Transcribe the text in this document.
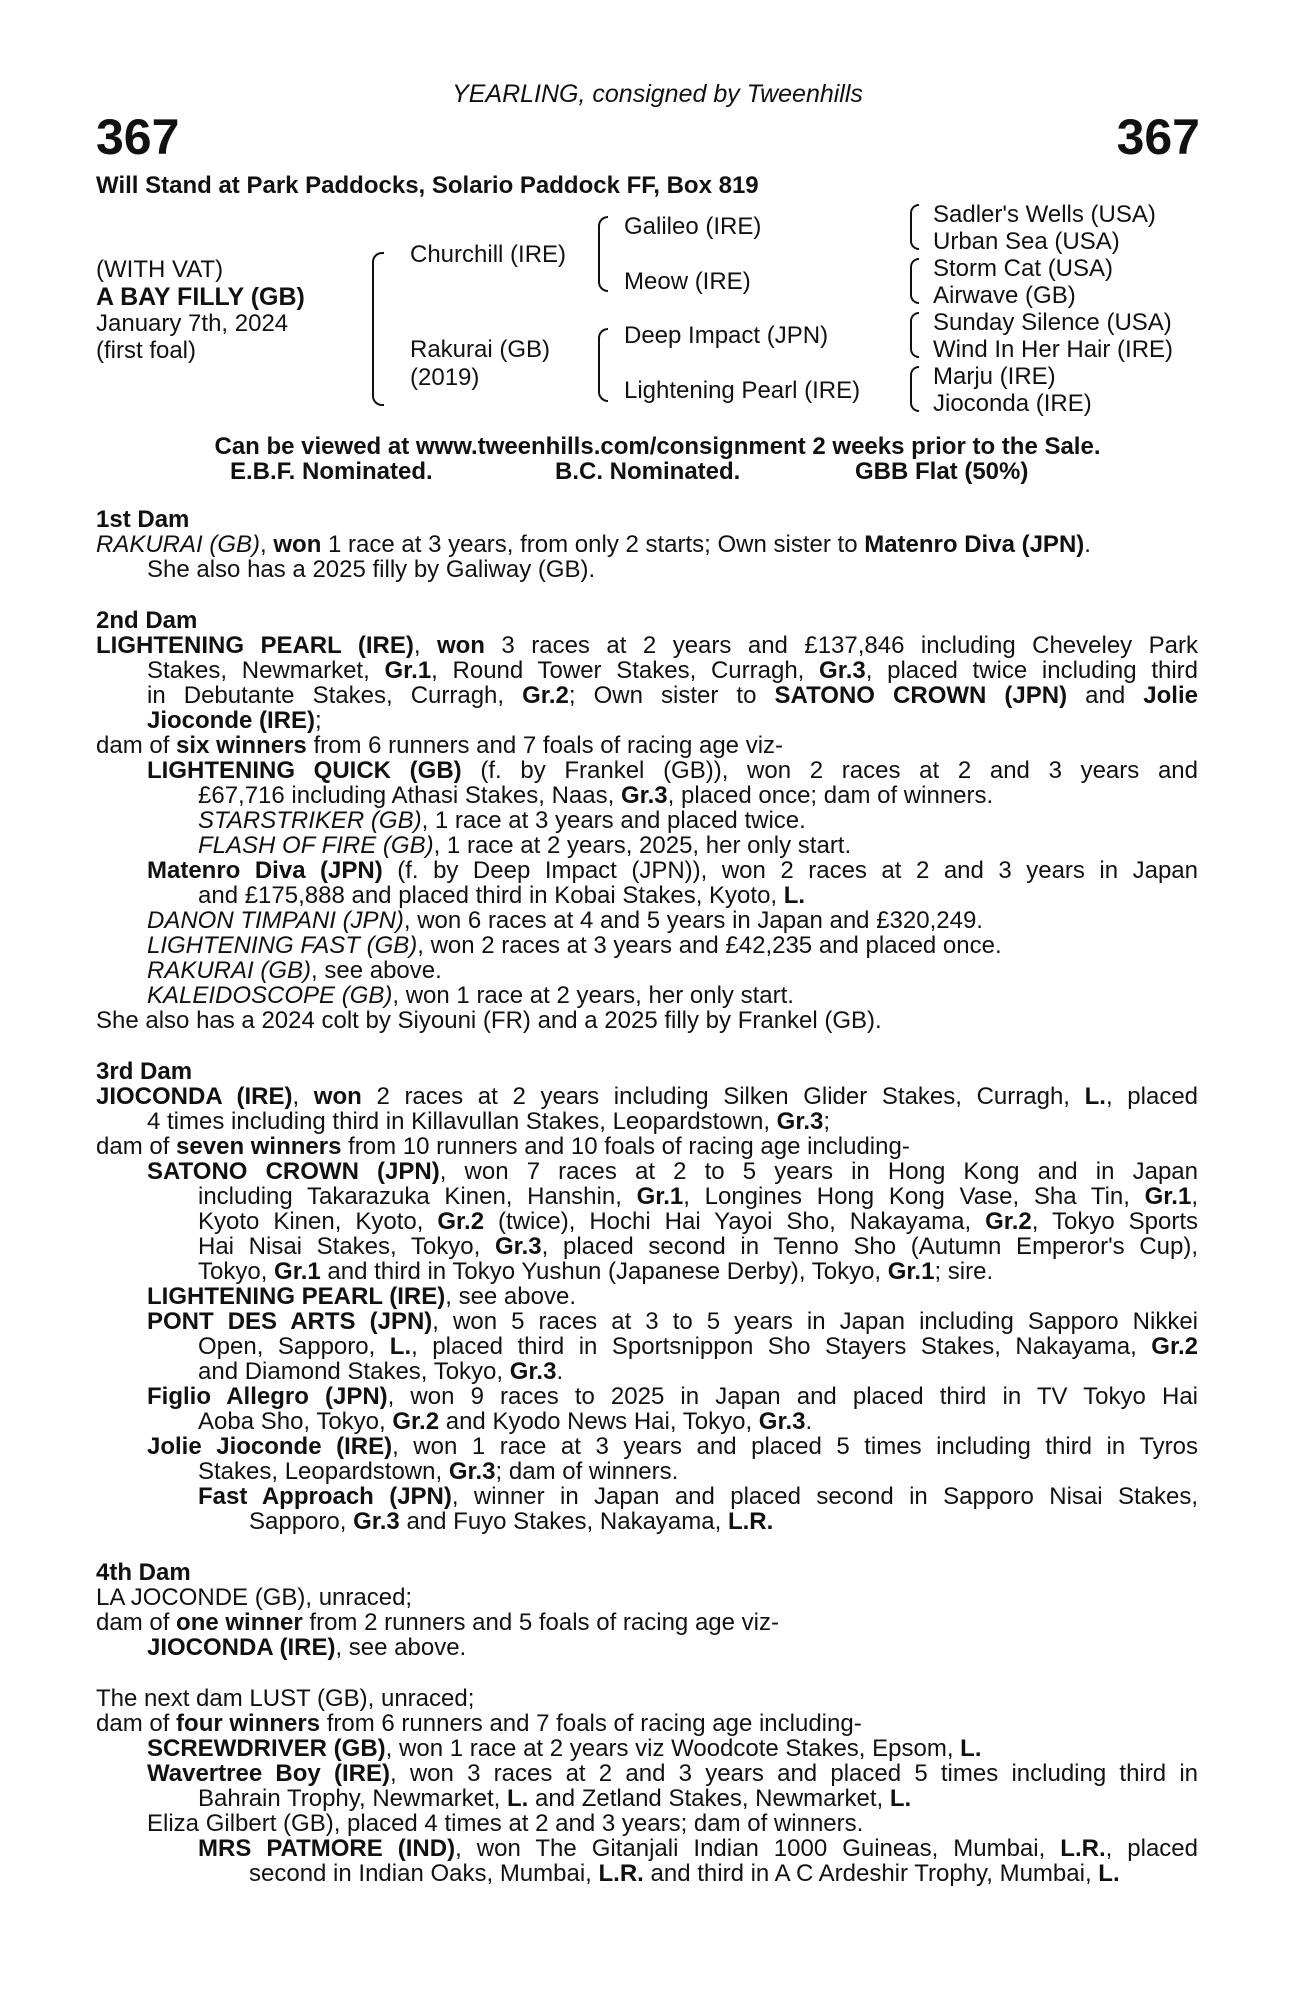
367	367
YEARLING, consigned by Tweenhills
Will Stand at Park Paddocks, Solario Paddock FF, Box 819
(WITH VAT)
A BAY FILLY (GB)
January 7th, 2024
(first foal)
Churchill (IRE)
Rakurai (GB)
(2019)
Galileo (IRE)
Meow (IRE)
Deep Impact (JPN)
Lightening Pearl (IRE)
Sadler's Wells (USA)
Urban Sea (USA)
Storm Cat (USA)
Airwave (GB)
Sunday Silence (USA)
Wind In Her Hair (IRE)
Marju (IRE)
Jioconda (IRE)
Can be viewed at www.tweenhills.com/consignment 2 weeks prior to the Sale.
E.B.F. Nominated.	B.C. Nominated.	GBB Flat (50%)
1st Dam
RAKURAI (GB), won 1 race at 3 years, from only 2 starts; Own sister to Matenro Diva (JPN).
She also has a 2025 filly by Galiway (GB).
2nd Dam
LIGHTENING PEARL (IRE), won 3 races at 2 years and £137,846 including Cheveley Park
Stakes, Newmarket, Gr.1, Round Tower Stakes, Curragh, Gr.3, placed twice including third
in Debutante Stakes, Curragh, Gr.2; Own sister to SATONO CROWN (JPN) and Jolie
Jioconde (IRE);
dam of six winners from 6 runners and 7 foals of racing age viz-
LIGHTENING QUICK (GB) (f. by Frankel (GB)), won 2 races at 2 and 3 years and
£67,716 including Athasi Stakes, Naas, Gr.3, placed once; dam of winners.
STARSTRIKER (GB), 1 race at 3 years and placed twice.
FLASH OF FIRE (GB), 1 race at 2 years, 2025, her only start.
Matenro Diva (JPN) (f. by Deep Impact (JPN)), won 2 races at 2 and 3 years in Japan
and £175,888 and placed third in Kobai Stakes, Kyoto, L.
DANON TIMPANI (JPN), won 6 races at 4 and 5 years in Japan and £320,249.
LIGHTENING FAST (GB), won 2 races at 3 years and £42,235 and placed once.
RAKURAI (GB), see above.
KALEIDOSCOPE (GB), won 1 race at 2 years, her only start.
She also has a 2024 colt by Siyouni (FR) and a 2025 filly by Frankel (GB).
3rd Dam
JIOCONDA (IRE), won 2 races at 2 years including Silken Glider Stakes, Curragh, L., placed
4 times including third in Killavullan Stakes, Leopardstown, Gr.3;
dam of seven winners from 10 runners and 10 foals of racing age including-
SATONO CROWN (JPN), won 7 races at 2 to 5 years in Hong Kong and in Japan
including Takarazuka Kinen, Hanshin, Gr.1, Longines Hong Kong Vase, Sha Tin, Gr.1,
Kyoto Kinen, Kyoto, Gr.2 (twice), Hochi Hai Yayoi Sho, Nakayama, Gr.2, Tokyo Sports
Hai Nisai Stakes, Tokyo, Gr.3, placed second in Tenno Sho (Autumn Emperor's Cup),
Tokyo, Gr.1 and third in Tokyo Yushun (Japanese Derby), Tokyo, Gr.1; sire.
LIGHTENING PEARL (IRE), see above.
PONT DES ARTS (JPN), won 5 races at 3 to 5 years in Japan including Sapporo Nikkei
Open, Sapporo, L., placed third in Sportsnippon Sho Stayers Stakes, Nakayama, Gr.2
and Diamond Stakes, Tokyo, Gr.3.
Figlio Allegro (JPN), won 9 races to 2025 in Japan and placed third in TV Tokyo Hai
Aoba Sho, Tokyo, Gr.2 and Kyodo News Hai, Tokyo, Gr.3.
Jolie Jioconde (IRE), won 1 race at 3 years and placed 5 times including third in Tyros
Stakes, Leopardstown, Gr.3; dam of winners.
Fast Approach (JPN), winner in Japan and placed second in Sapporo Nisai Stakes,
Sapporo, Gr.3 and Fuyo Stakes, Nakayama, L.R.
4th Dam
LA JOCONDE (GB), unraced;
dam of one winner from 2 runners and 5 foals of racing age viz-
JIOCONDA (IRE), see above.
The next dam LUST (GB), unraced;
dam of four winners from 6 runners and 7 foals of racing age including-
SCREWDRIVER (GB), won 1 race at 2 years viz Woodcote Stakes, Epsom, L.
Wavertree Boy (IRE), won 3 races at 2 and 3 years and placed 5 times including third in
Bahrain Trophy, Newmarket, L. and Zetland Stakes, Newmarket, L.
Eliza Gilbert (GB), placed 4 times at 2 and 3 years; dam of winners.
MRS PATMORE (IND), won The Gitanjali Indian 1000 Guineas, Mumbai, L.R., placed
second in Indian Oaks, Mumbai, L.R. and third in A C Ardeshir Trophy, Mumbai, L.
